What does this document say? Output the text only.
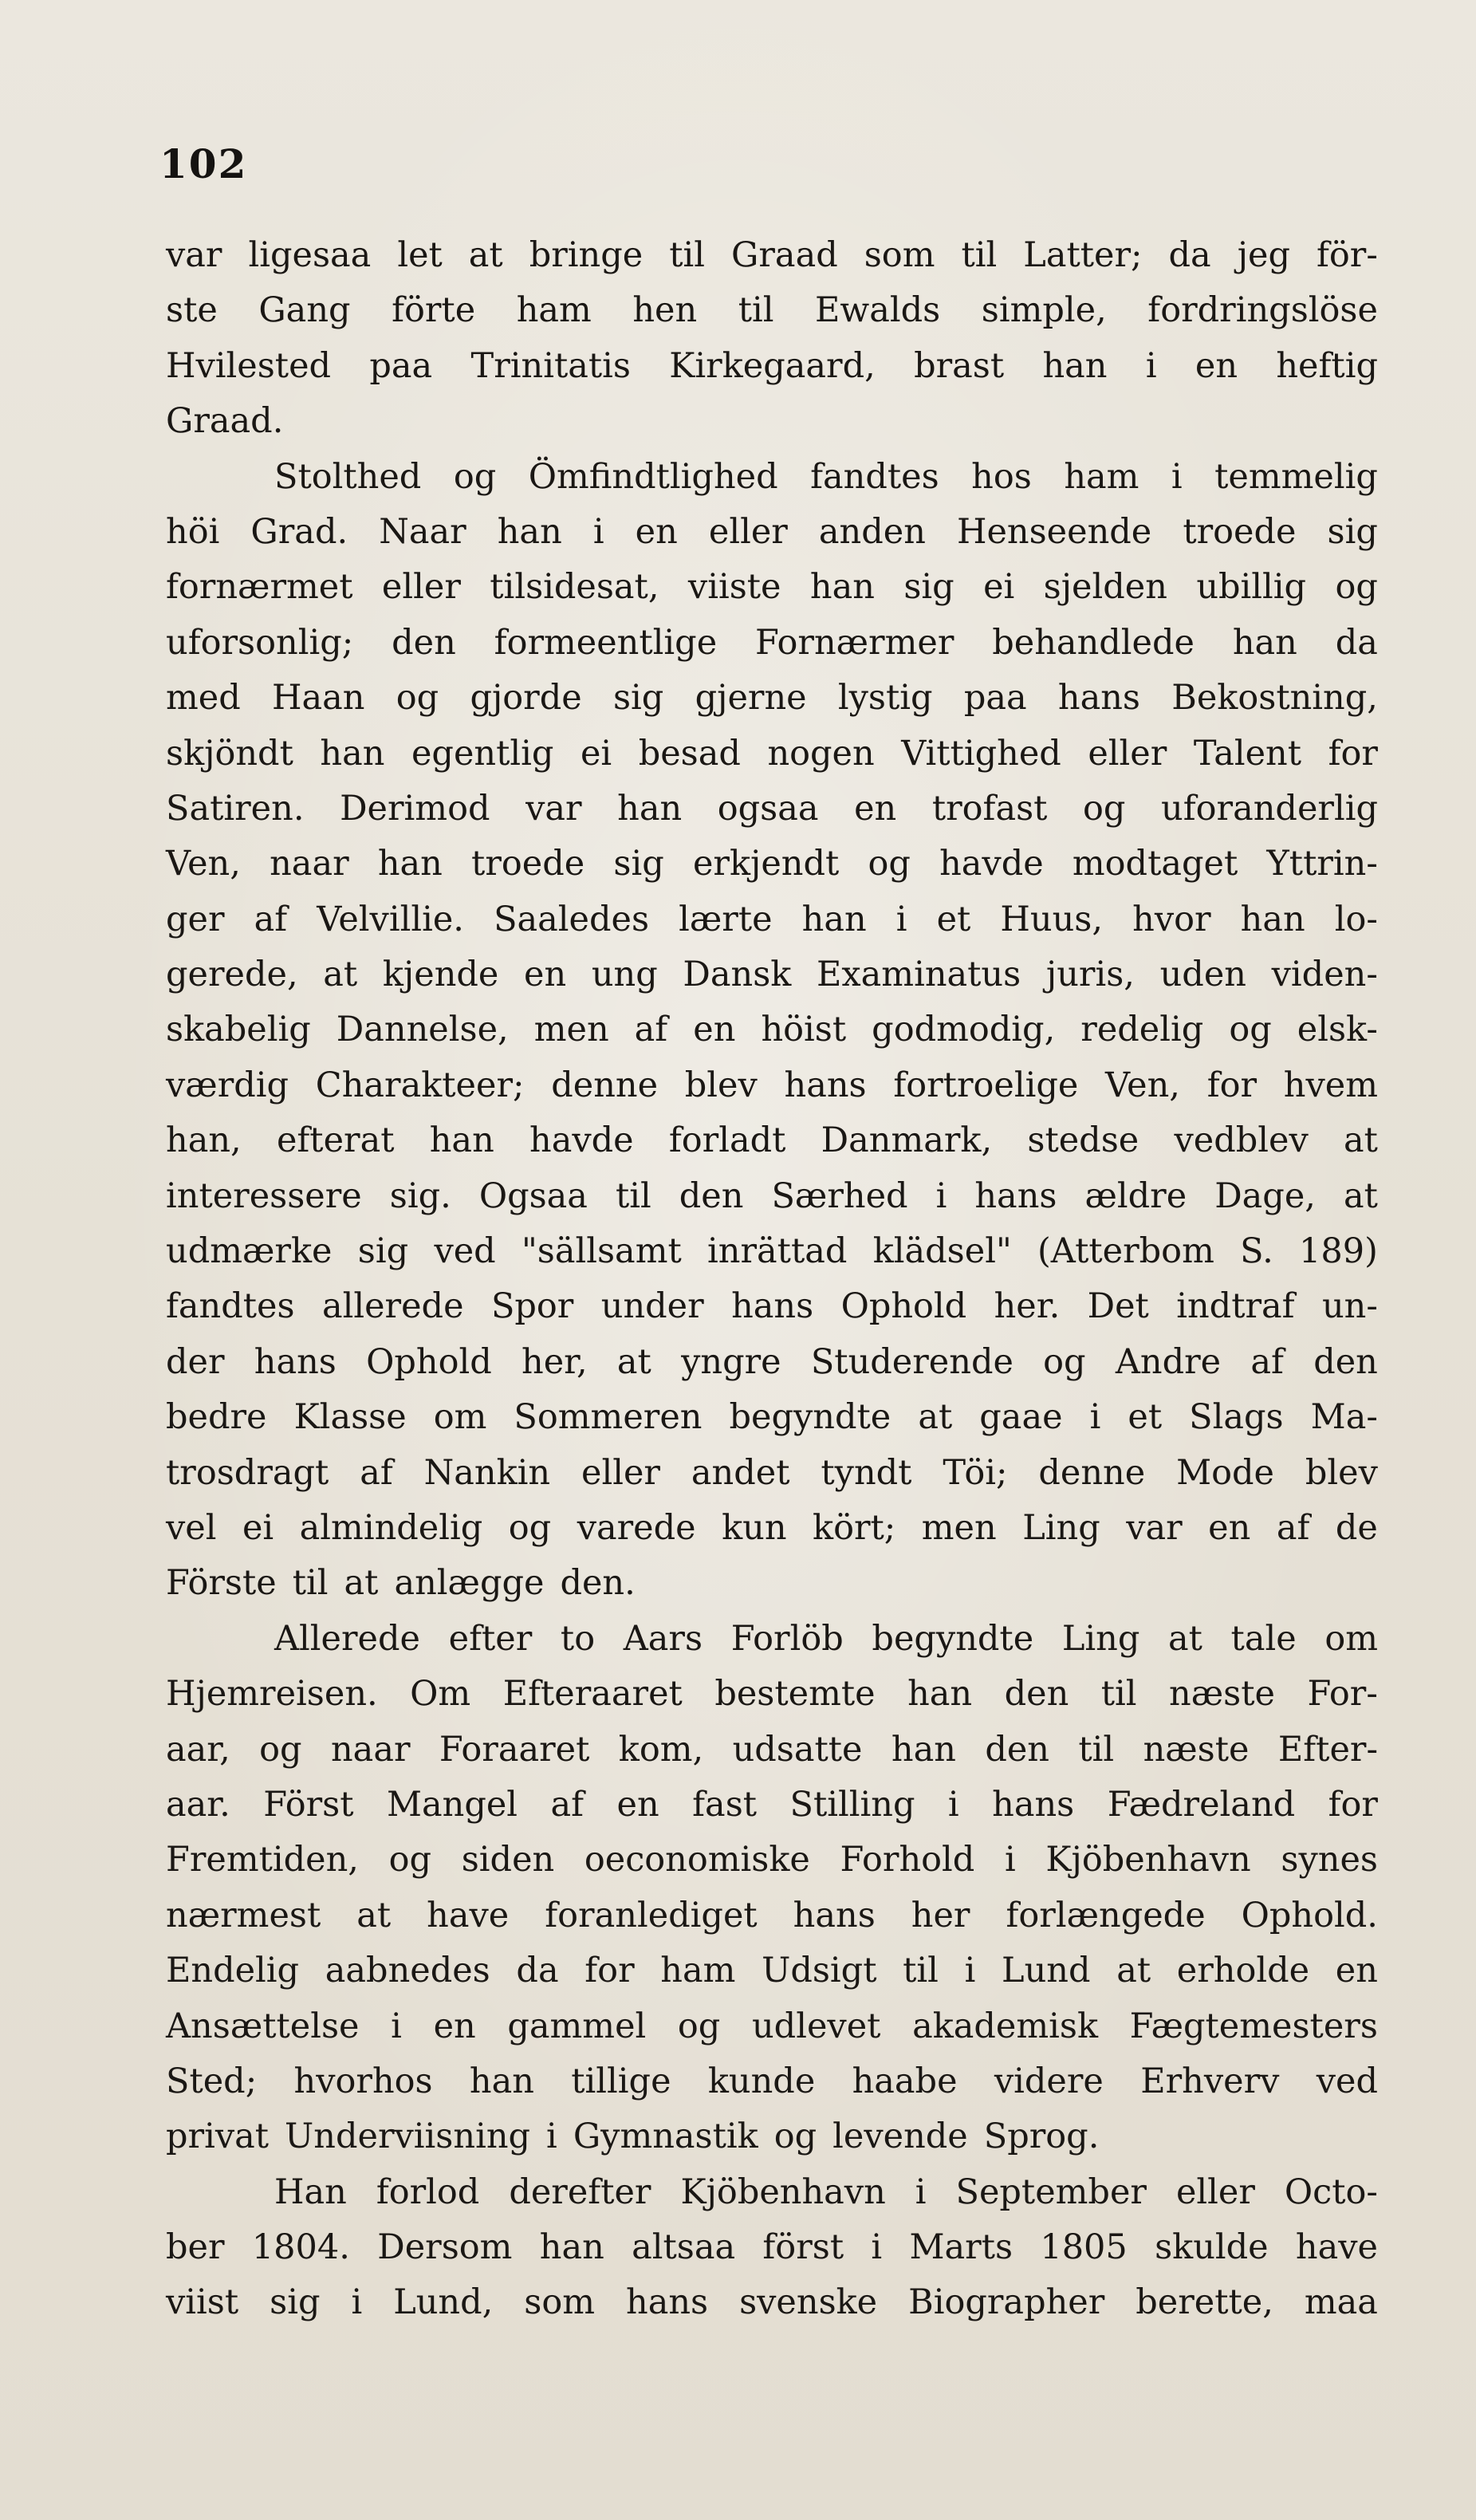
102
var ligesaa let at bringe til Graad som til Latter; da jeg för-
ste Gang förte ham hen til Ewalds simple, fordringslöse
Hvilested paa Trinitatis Kirkegaard, brast han i en heftig
Graad.
Stolthed og Ömfindtlighed fandtes hos ham i temmelig
höi Grad. Naar han i en eller anden Henseende troede sig
fornærmet eller tilsidesat, viiste han sig ei sjelden ubillig og
uforsonlig; den formeentlige Fornærmer behandlede han da
med Haan og gjorde sig gjerne lystig paa hans Bekostning,
skjöndt han egentlig ei besad nogen Vittighed eller Talent for
Satiren. Derimod var han ogsaa en trofast og uforanderlig
Ven, naar han troede sig erkjendt og havde modtaget Yttrin-
ger af Velvillie. Saaledes lærte han i et Huus, hvor han lo-
gerede, at kjende en ung Dansk Examinatus juris, uden viden-
skabelig Dannelse, men af en höist godmodig, redelig og elsk-
værdig Charakteer; denne blev hans fortroelige Ven, for hvem
han, efterat han havde forladt Danmark, stedse vedblev at
interessere sig. Ogsaa til den Særhed i hans ældre Dage, at
udmærke sig ved "sällsamt inrättad klädsel" (Atterbom S. 189)
fandtes allerede Spor under hans Ophold her. Det indtraf un-
der hans Ophold her, at yngre Studerende og Andre af den
bedre Klasse om Sommeren begyndte at gaae i et Slags Ma-
trosdragt af Nankin eller andet tyndt Töi; denne Mode blev
vel ei almindelig og varede kun kört; men Ling var en af de
Förste til at anlægge den.
Allerede efter to Aars Forlöb begyndte Ling at tale om
Hjemreisen. Om Efteraaret bestemte han den til næste For-
aar, og naar Foraaret kom, udsatte han den til næste Efter-
aar. Först Mangel af en fast Stilling i hans Fædreland for
Fremtiden, og siden oeconomiske Forhold i Kjöbenhavn synes
nærmest at have foranlediget hans her forlængede Ophold.
Endelig aabnedes da for ham Udsigt til i Lund at erholde en
Ansættelse i en gammel og udlevet akademisk Fægtemesters
Sted; hvorhos han tillige kunde haabe videre Erhverv ved
privat Underviisning i Gymnastik og levende Sprog.
Han forlod derefter Kjöbenhavn i September eller Octo-
ber 1804. Dersom han altsaa först i Marts 1805 skulde have
viist sig i Lund, som hans svenske Biographer berette, maa
